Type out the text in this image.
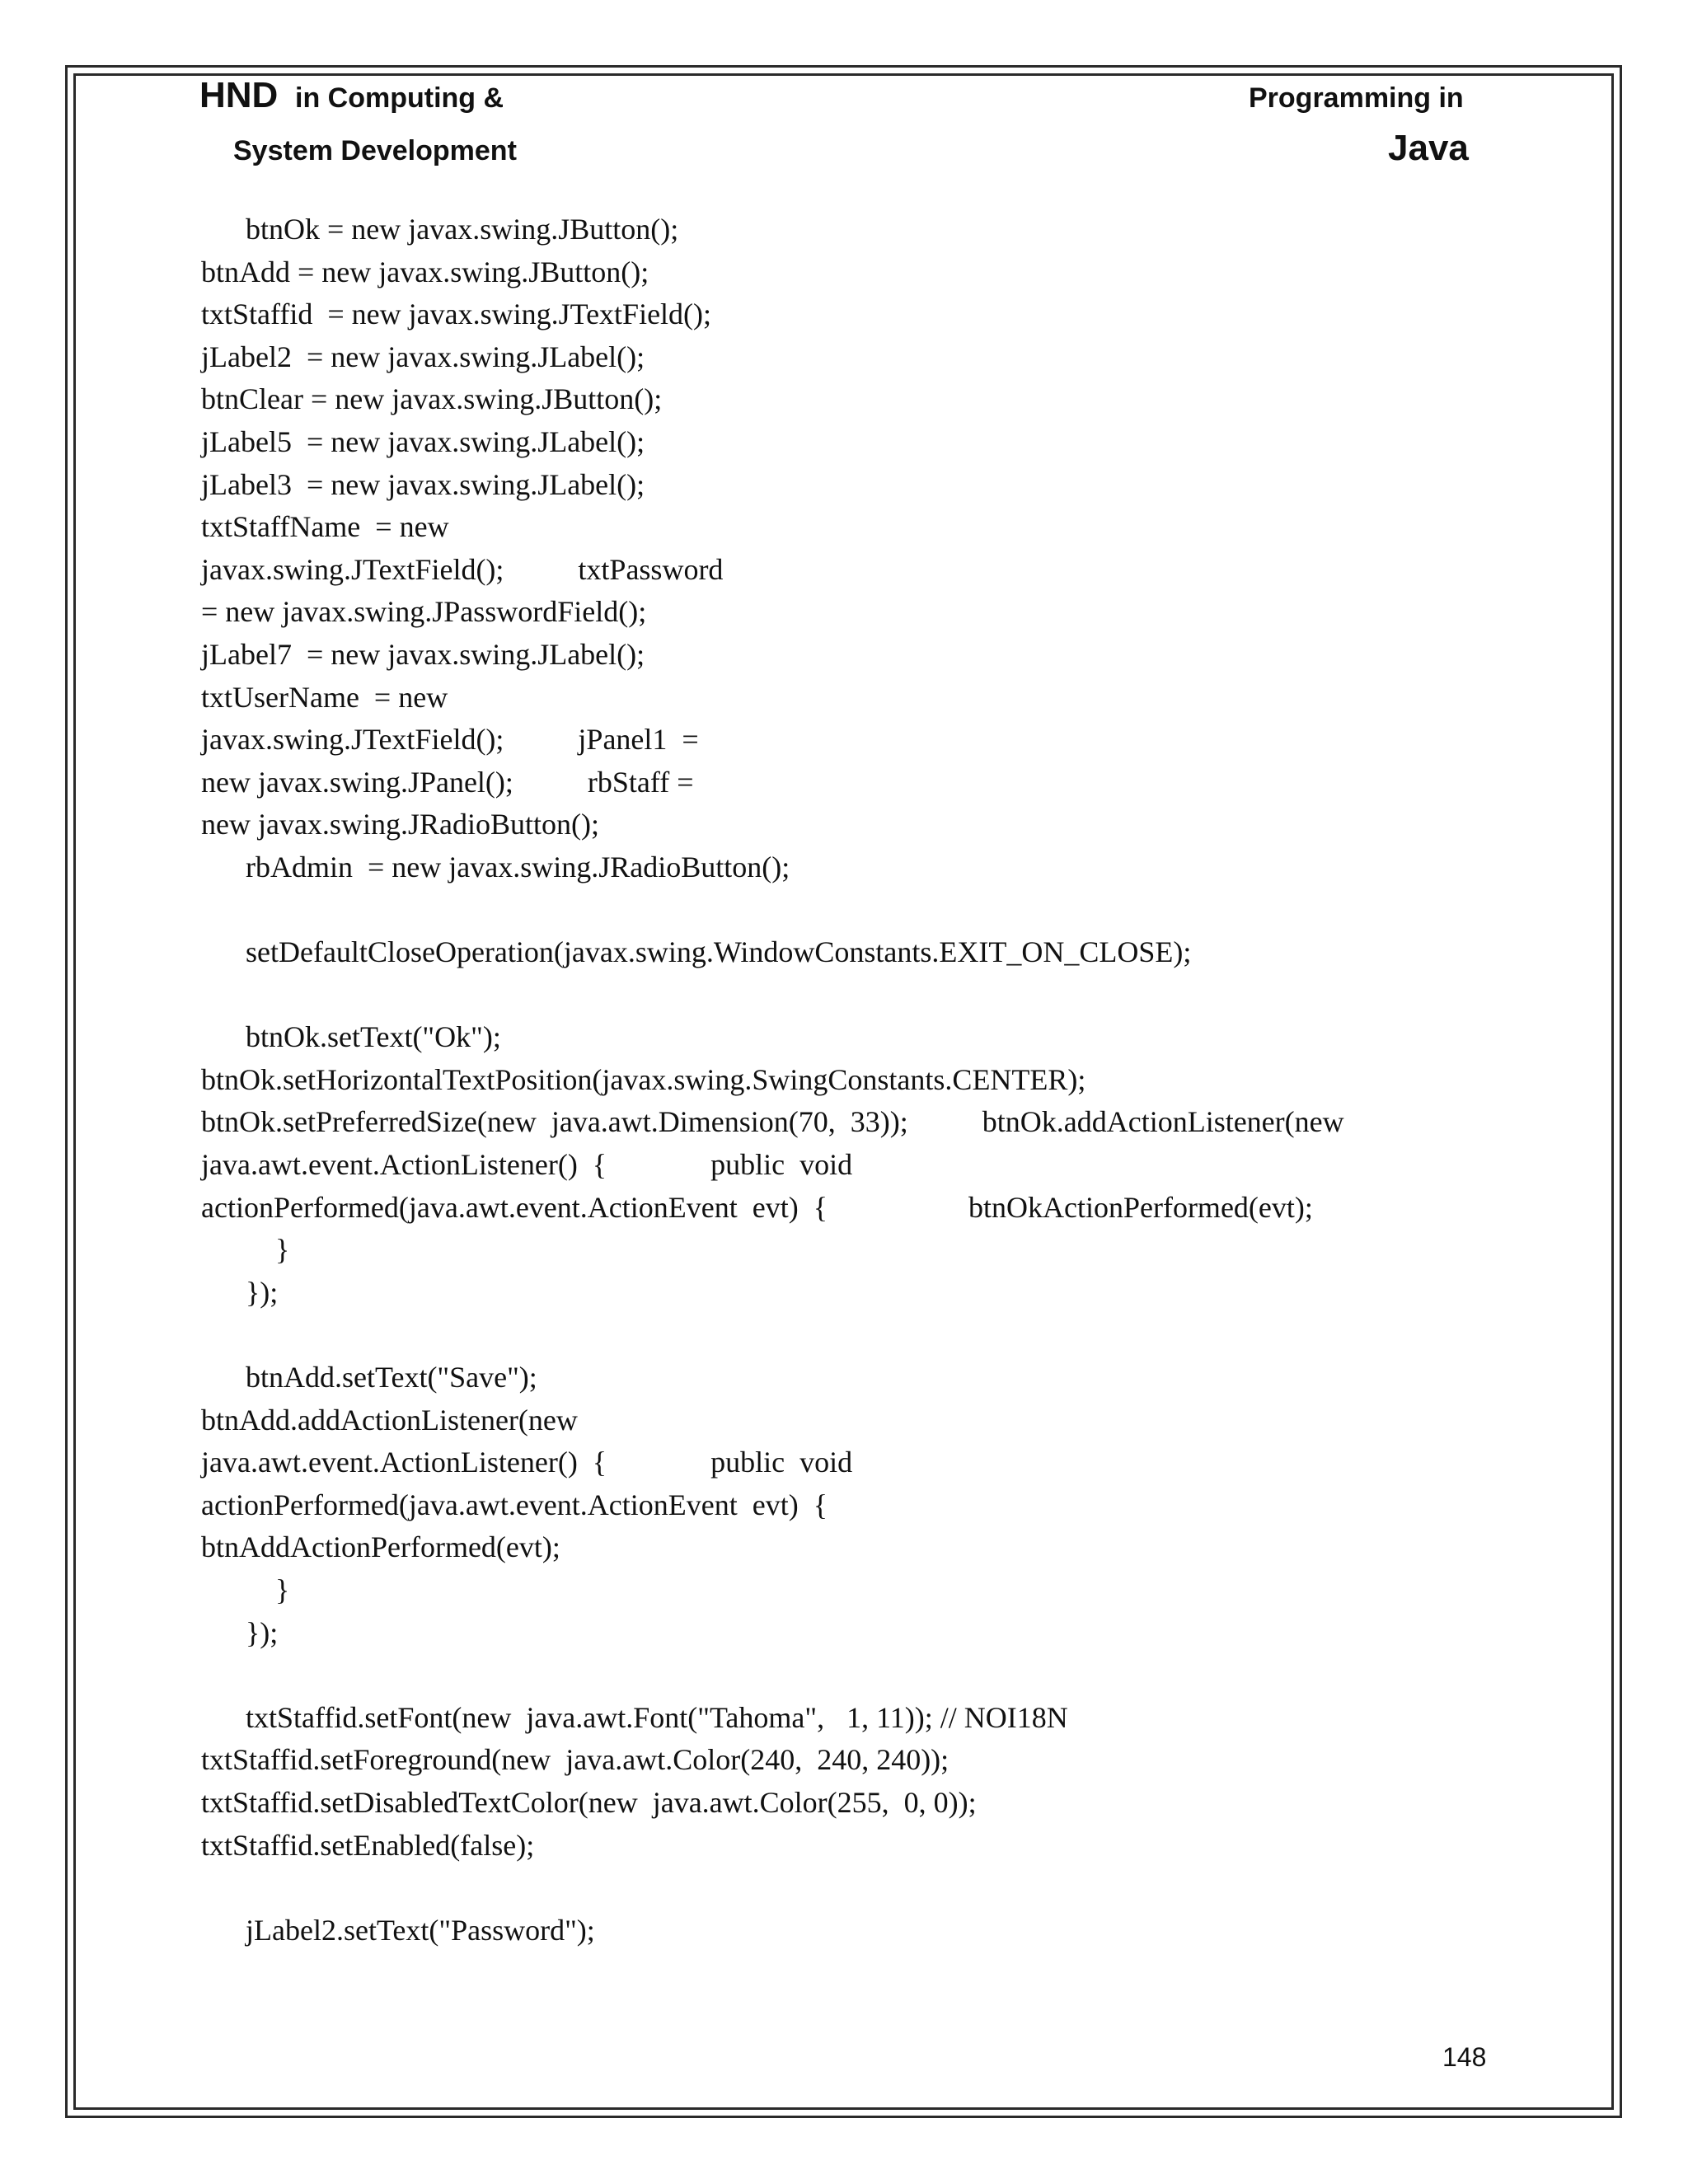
HND in Computing &
System Development
Programming in
Java
btnOk = new javax.swing.JButton();
btnAdd = new javax.swing.JButton();
txtStaffid  = new javax.swing.JTextField();
jLabel2  = new javax.swing.JLabel();
btnClear = new javax.swing.JButton();
jLabel5  = new javax.swing.JLabel();
jLabel3  = new javax.swing.JLabel();
txtStaffName  = new
javax.swing.JTextField();          txtPassword
= new javax.swing.JPasswordField();
jLabel7  = new javax.swing.JLabel();
txtUserName  = new
javax.swing.JTextField();          jPanel1  =
new javax.swing.JPanel();          rbStaff =
new javax.swing.JRadioButton();
rbAdmin  = new javax.swing.JRadioButton();
setDefaultCloseOperation(javax.swing.WindowConstants.EXIT_ON_CLOSE);
btnOk.setText("Ok");
btnOk.setHorizontalTextPosition(javax.swing.SwingConstants.CENTER);
btnOk.setPreferredSize(new  java.awt.Dimension(70,  33));          btnOk.addActionListener(new
java.awt.event.ActionListener()  {              public  void
actionPerformed(java.awt.event.ActionEvent  evt)  {                   btnOkActionPerformed(evt);
}
});
btnAdd.setText("Save");
btnAdd.addActionListener(new
java.awt.event.ActionListener()  {              public  void
actionPerformed(java.awt.event.ActionEvent  evt)  {
btnAddActionPerformed(evt);
}
});
txtStaffid.setFont(new  java.awt.Font("Tahoma",   1, 11)); // NOI18N
txtStaffid.setForeground(new  java.awt.Color(240,  240, 240));
txtStaffid.setDisabledTextColor(new  java.awt.Color(255,  0, 0));
txtStaffid.setEnabled(false);
jLabel2.setText("Password");
148
